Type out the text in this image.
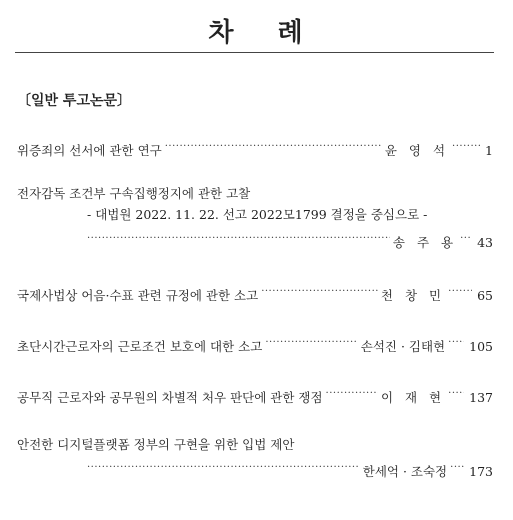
차 례
〔일반 투고논문〕
위증죄의 선서에 관한 연구 .....	윤 영 석 .....	1
전자감독 조건부 구속집행정지에 관한 고찰
- 대법원 2022. 11. 22. 선고 2022모1799 결정을 중심으로 -
.....
송 주 용 ..... 43
국제사법상 어음·수표 관련 규정에 관한 소고 .....	천 창 민 .....	65
초단시간근로자의 근로조건 보호에 대한 소고 .....	손석진 · 김태현 ..... 105
공무직 근로자와 공무원의 차별적 처우 판단에 관한 쟁점 .....	이 재 현 ..... 137
안전한 디지털플랫폼 정부의 구현을 위한 입법 제안
.....
한세억 · 조숙정 ..... 173
